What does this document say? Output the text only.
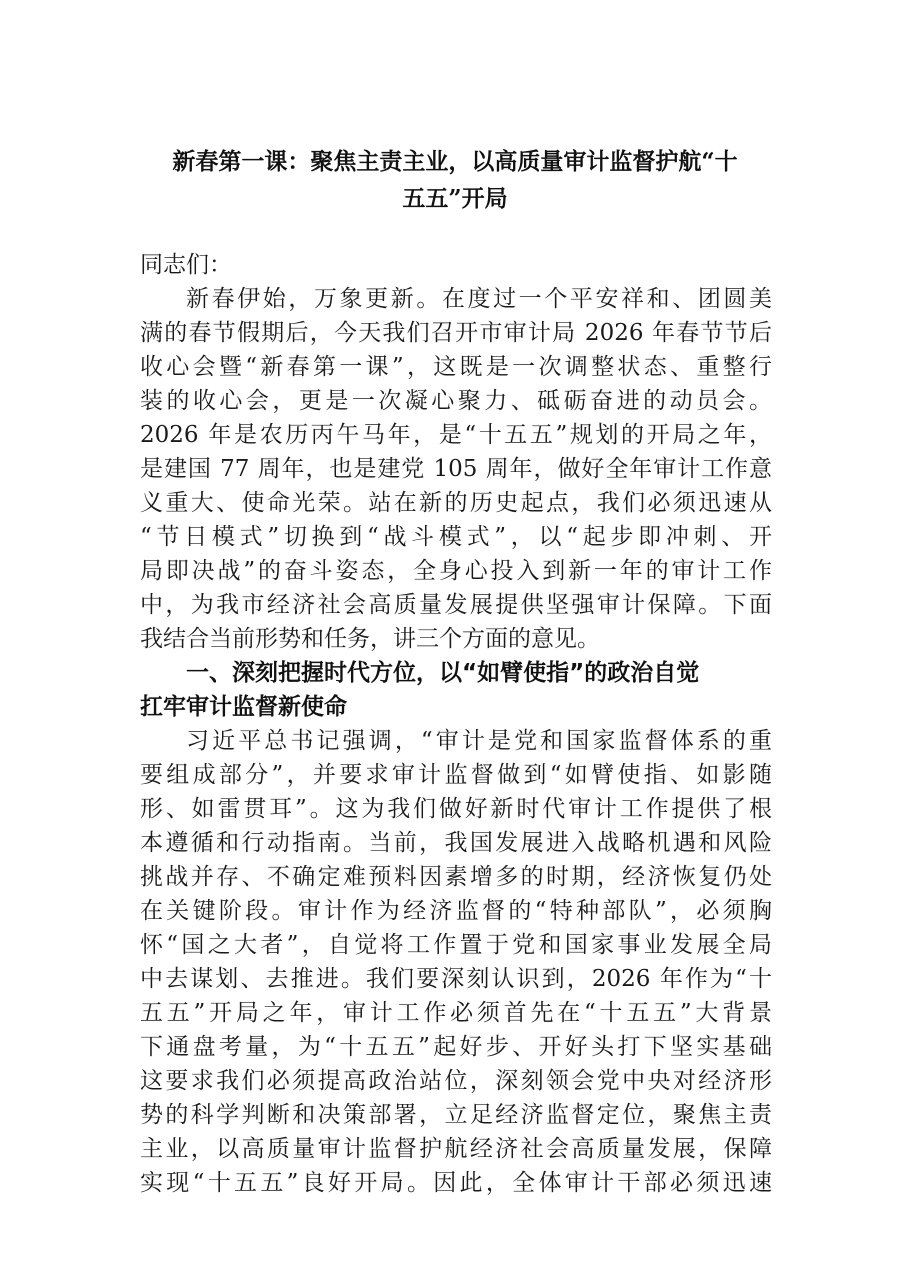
新春第一课：聚焦主责主业，以高质量审计监督护航“十
五五”开局
同志们：
新春伊始，万象更新。在度过一个平安祥和、团圆美
满的春节假期后，今天我们召开市审计局 2026 年春节节后
收心会暨“新春第一课”，这既是一次调整状态、重整行
装的收心会，更是一次凝心聚力、砥砺奋进的动员会。
2026 年是农历丙午马年，是“十五五”规划的开局之年，
是建国 77 周年，也是建党 105 周年，做好全年审计工作意
义重大、使命光荣。站在新的历史起点，我们必须迅速从
“节日模式”切换到“战斗模式”，以“起步即冲刺、开
局即决战”的奋斗姿态，全身心投入到新一年的审计工作
中，为我市经济社会高质量发展提供坚强审计保障。下面
我结合当前形势和任务，讲三个方面的意见。
一、深刻把握时代方位，以“如臂使指”的政治自觉
扛牢审计监督新使命
习近平总书记强调，“审计是党和国家监督体系的重
要组成部分”，并要求审计监督做到“如臂使指、如影随
形、如雷贯耳”。这为我们做好新时代审计工作提供了根
本遵循和行动指南。当前，我国发展进入战略机遇和风险
挑战并存、不确定难预料因素增多的时期，经济恢复仍处
在关键阶段。审计作为经济监督的“特种部队”，必须胸
怀“国之大者”，自觉将工作置于党和国家事业发展全局
中去谋划、去推进。我们要深刻认识到，2026 年作为“十
五五”开局之年，审计工作必须首先在“十五五”大背景
下通盘考量，为“十五五”起好步、开好头打下坚实基础
这要求我们必须提高政治站位，深刻领会党中央对经济形
势的科学判断和决策部署，立足经济监督定位，聚焦主责
主业，以高质量审计监督护航经济社会高质量发展，保障
实现“十五五”良好开局。因此，全体审计干部必须迅速
